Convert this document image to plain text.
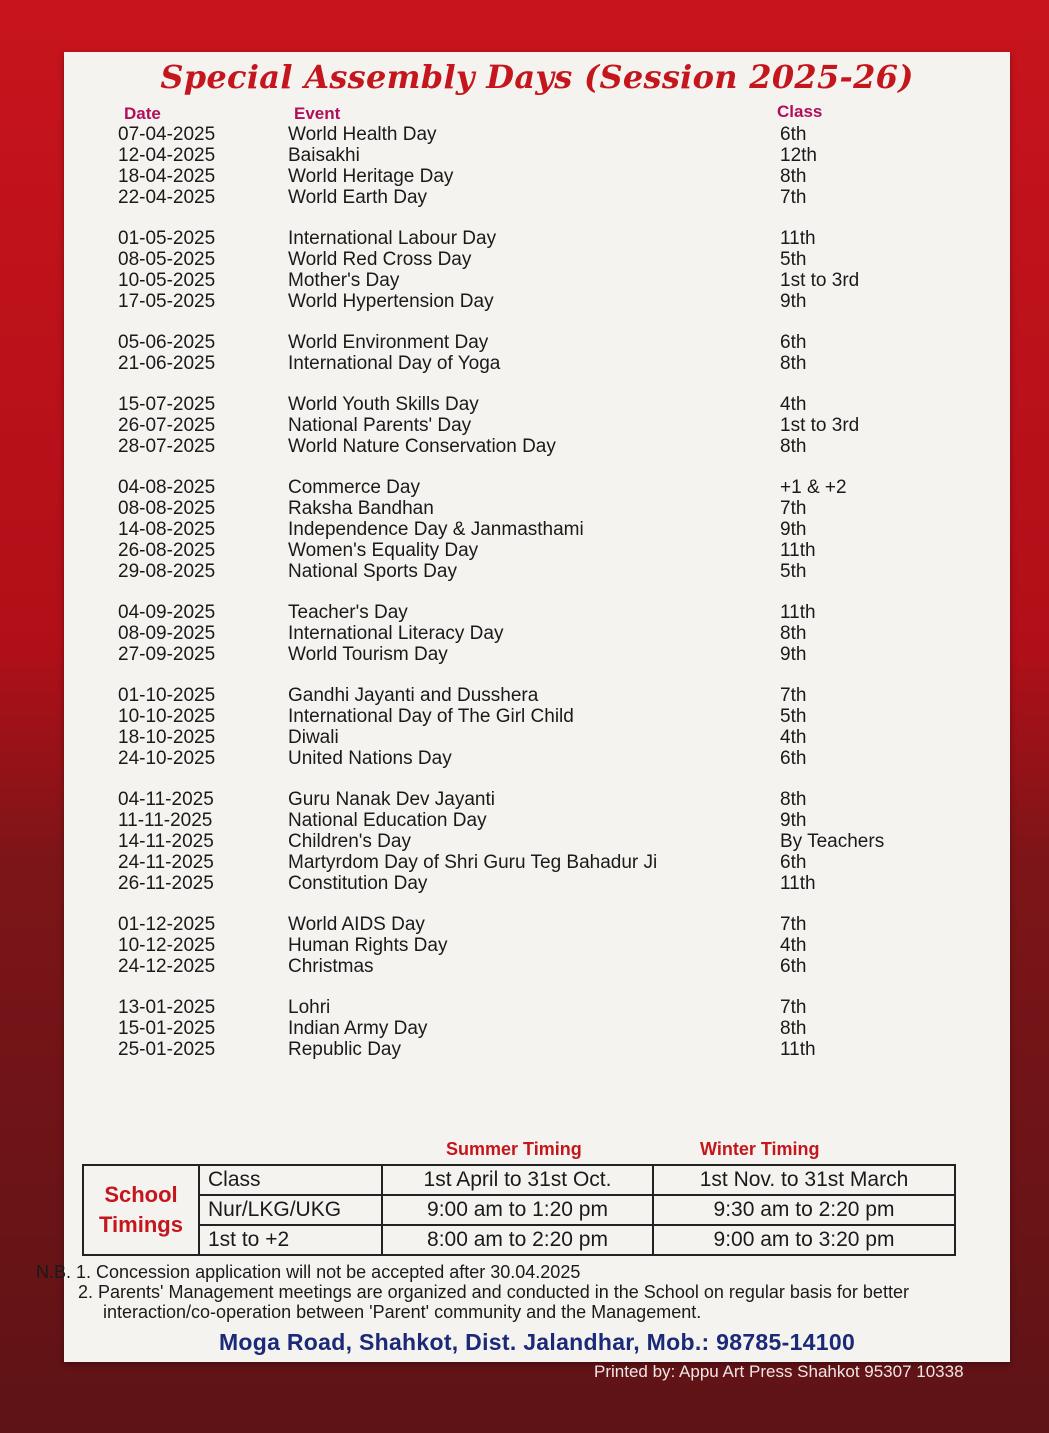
Special Assembly Days (Session 2025-26)
Date	Event	Class
07-04-2025	World Health Day	6th
12-04-2025	Baisakhi	12th
18-04-2025	World Heritage Day	8th
22-04-2025	World Earth Day	7th
01-05-2025	International Labour Day	11th
08-05-2025	World Red Cross Day	5th
10-05-2025	Mother's Day	1st to 3rd
17-05-2025	World Hypertension Day	9th
05-06-2025	World Environment Day	6th
21-06-2025	International Day of Yoga	8th
15-07-2025	World Youth Skills Day	4th
26-07-2025	National Parents' Day	1st to 3rd
28-07-2025	World Nature Conservation Day	8th
04-08-2025	Commerce Day	+1 & +2
08-08-2025	Raksha Bandhan	7th
14-08-2025	Independence Day & Janmasthami	9th
26-08-2025	Women's Equality Day	11th
29-08-2025	National Sports Day	5th
04-09-2025	Teacher's Day	11th
08-09-2025	International Literacy Day	8th
27-09-2025	World Tourism Day	9th
01-10-2025	Gandhi Jayanti and Dusshera	7th
10-10-2025	International Day of The Girl Child	5th
18-10-2025	Diwali	4th
24-10-2025	United Nations Day	6th
04-11-2025	Guru Nanak Dev Jayanti	8th
11-11-2025	National Education Day	9th
14-11-2025	Children's Day	By Teachers
24-11-2025	Martyrdom Day of Shri Guru Teg Bahadur Ji	6th
26-11-2025	Constitution Day	11th
01-12-2025	World AIDS Day	7th
10-12-2025	Human Rights Day	4th
24-12-2025	Christmas	6th
13-01-2025	Lohri	7th
15-01-2025	Indian Army Day	8th
25-01-2025	Republic Day	11th
Summer Timing	Winter Timing
School
Timings	Class	1st April to 31st Oct.	1st Nov. to 31st March
	Nur/LKG/UKG	9:00 am to 1:20 pm	9:30 am to 2:20 pm
	1st to +2	8:00 am to 2:20 pm	9:00 am to 3:20 pm
N.B. 1. Concession application will not be accepted after 30.04.2025
2. Parents' Management meetings are organized and conducted in the School on regular basis for better
interaction/co-operation between 'Parent' community and the Management.
Moga Road, Shahkot, Dist. Jalandhar, Mob.: 98785-14100
Printed by: Appu Art Press Shahkot 95307 10338
